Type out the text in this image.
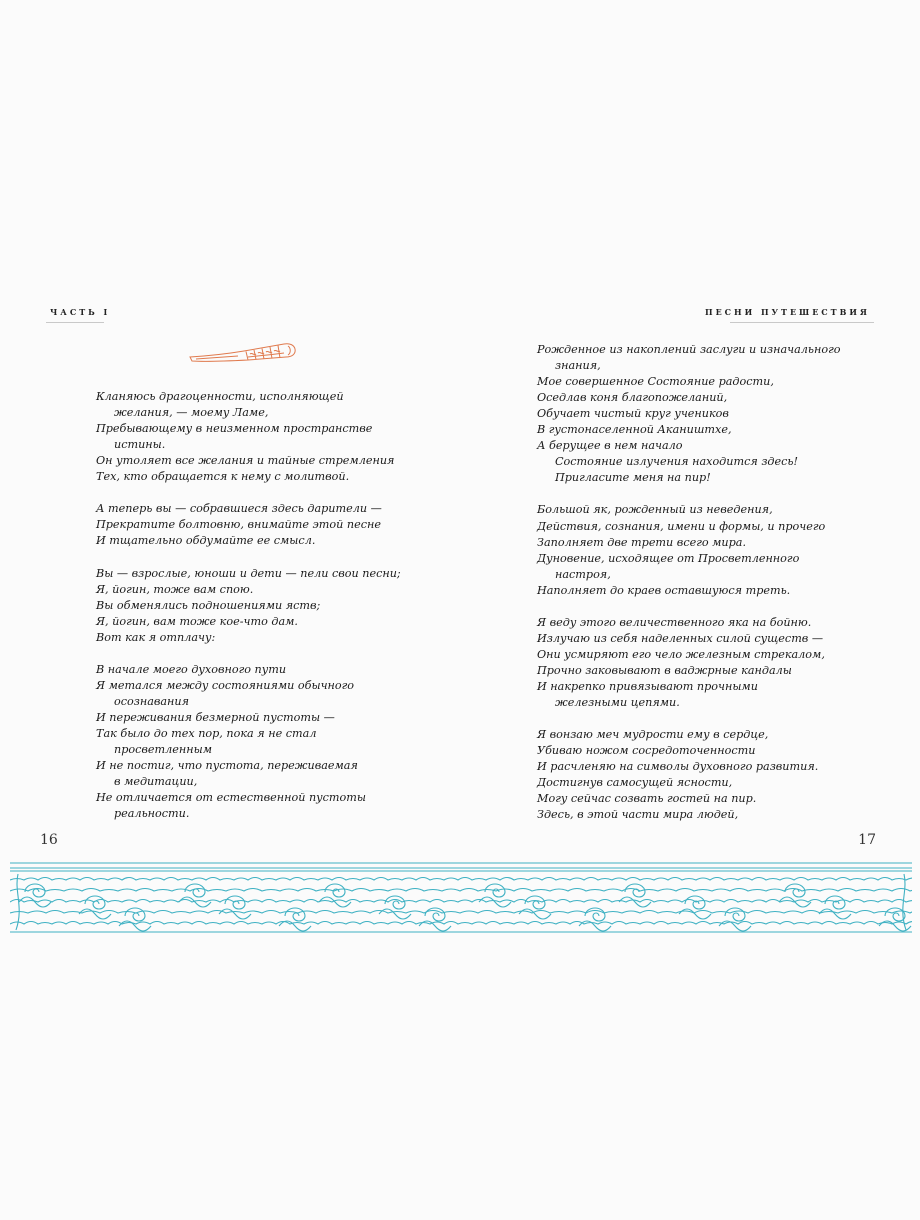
ЧАСТЬ I
Кланяюсь драгоценности, исполняющей
желания, — моему Ламе,
Пребывающему в неизменном пространстве
истины.
Он утоляет все желания и тайные стремления
Тех, кто обращается к нему с молитвой.
А теперь вы — собравшиеся здесь дарители —
Прекратите болтовню, внимайте этой песне
И тщательно обдумайте ее смысл.
Вы — взрослые, юноши и дети — пели свои песни;
Я, йогин, тоже вам спою.
Вы обменялись подношениями яств;
Я, йогин, вам тоже кое-что дам.
Вот как я отплачу:
В начале моего духовного пути
Я метался между состояниями обычного
осознавания
И переживания безмерной пустоты —
Так было до тех пор, пока я не стал
просветленным
И не постиг, что пустота, переживаемая
в медитации,
Не отличается от естественной пустоты
реальности.
16
ПЕСНИ ПУТЕШЕСТВИЯ
Рожденное из накоплений заслуги и изначального
знания,
Мое совершенное Состояние радости,
Оседлав коня благопожеланий,
Обучает чистый круг учеников
В густонаселенной Акаништхе,
А берущее в нем начало
Состояние излучения находится здесь!
Пригласите меня на пир!
Большой як, рожденный из неведения,
Действия, сознания, имени и формы, и прочего
Заполняет две трети всего мира.
Дуновение, исходящее от Просветленного
настроя,
Наполняет до краев оставшуюся треть.
Я веду этого величественного яка на бойню.
Излучаю из себя наделенных силой существ —
Они усмиряют его чело железным стрекалом,
Прочно заковывают в ваджрные кандалы
И накрепко привязывают прочными
железными цепями.
Я вонзаю меч мудрости ему в сердце,
Убиваю ножом сосредоточенности
И расчленяю на символы духовного развития.
Достигнув самосущей ясности,
Могу сейчас созвать гостей на пир.
Здесь, в этой части мира людей,
17
